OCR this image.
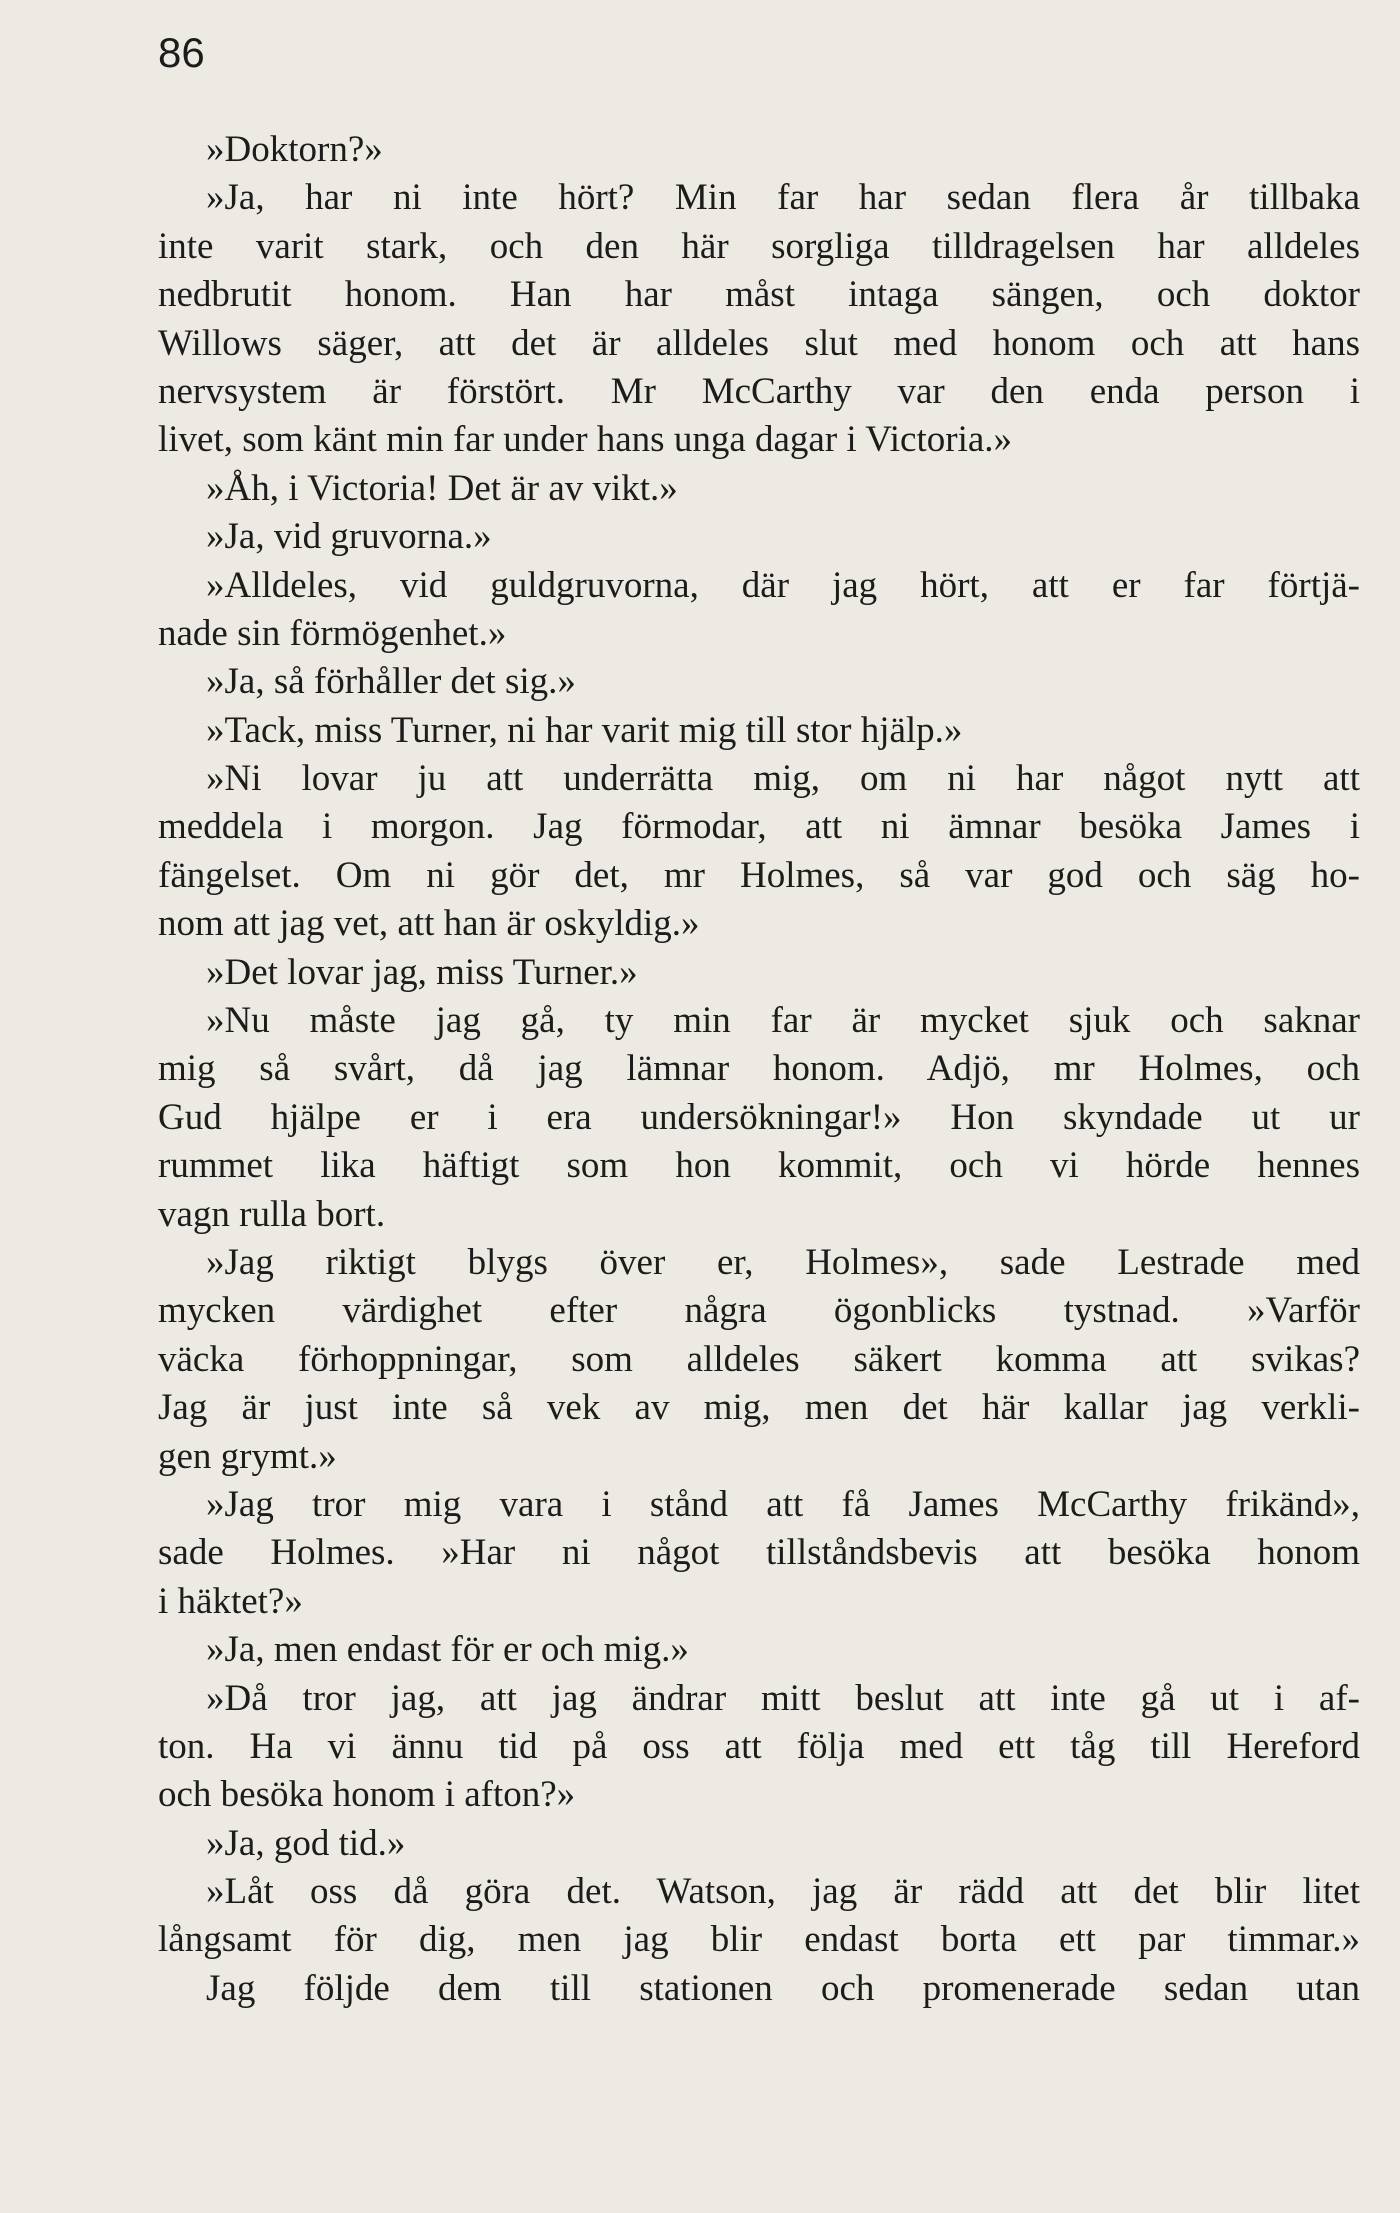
86
»Doktorn?»
»Ja, har ni inte hört? Min far har sedan flera år tillbaka
inte varit stark, och den här sorgliga tilldragelsen har alldeles
nedbrutit honom. Han har måst intaga sängen, och doktor
Willows säger, att det är alldeles slut med honom och att hans
nervsystem är förstört. Mr McCarthy var den enda person i
livet, som känt min far under hans unga dagar i Victoria.»
»Åh, i Victoria! Det är av vikt.»
»Ja, vid gruvorna.»
»Alldeles, vid guldgruvorna, där jag hört, att er far förtjä-
nade sin förmögenhet.»
»Ja, så förhåller det sig.»
»Tack, miss Turner, ni har varit mig till stor hjälp.»
»Ni lovar ju att underrätta mig, om ni har något nytt att
meddela i morgon. Jag förmodar, att ni ämnar besöka James i
fängelset. Om ni gör det, mr Holmes, så var god och säg ho-
nom att jag vet, att han är oskyldig.»
»Det lovar jag, miss Turner.»
»Nu måste jag gå, ty min far är mycket sjuk och saknar
mig så svårt, då jag lämnar honom. Adjö, mr Holmes, och
Gud hjälpe er i era undersökningar!» Hon skyndade ut ur
rummet lika häftigt som hon kommit, och vi hörde hennes
vagn rulla bort.
»Jag riktigt blygs över er, Holmes», sade Lestrade med
mycken värdighet efter några ögonblicks tystnad. »Varför
väcka förhoppningar, som alldeles säkert komma att svikas?
Jag är just inte så vek av mig, men det här kallar jag verkli-
gen grymt.»
»Jag tror mig vara i stånd att få James McCarthy frikänd»,
sade Holmes. »Har ni något tillståndsbevis att besöka honom
i häktet?»
»Ja, men endast för er och mig.»
»Då tror jag, att jag ändrar mitt beslut att inte gå ut i af-
ton. Ha vi ännu tid på oss att följa med ett tåg till Hereford
och besöka honom i afton?»
»Ja, god tid.»
»Låt oss då göra det. Watson, jag är rädd att det blir litet
långsamt för dig, men jag blir endast borta ett par timmar.»
Jag följde dem till stationen och promenerade sedan utan
